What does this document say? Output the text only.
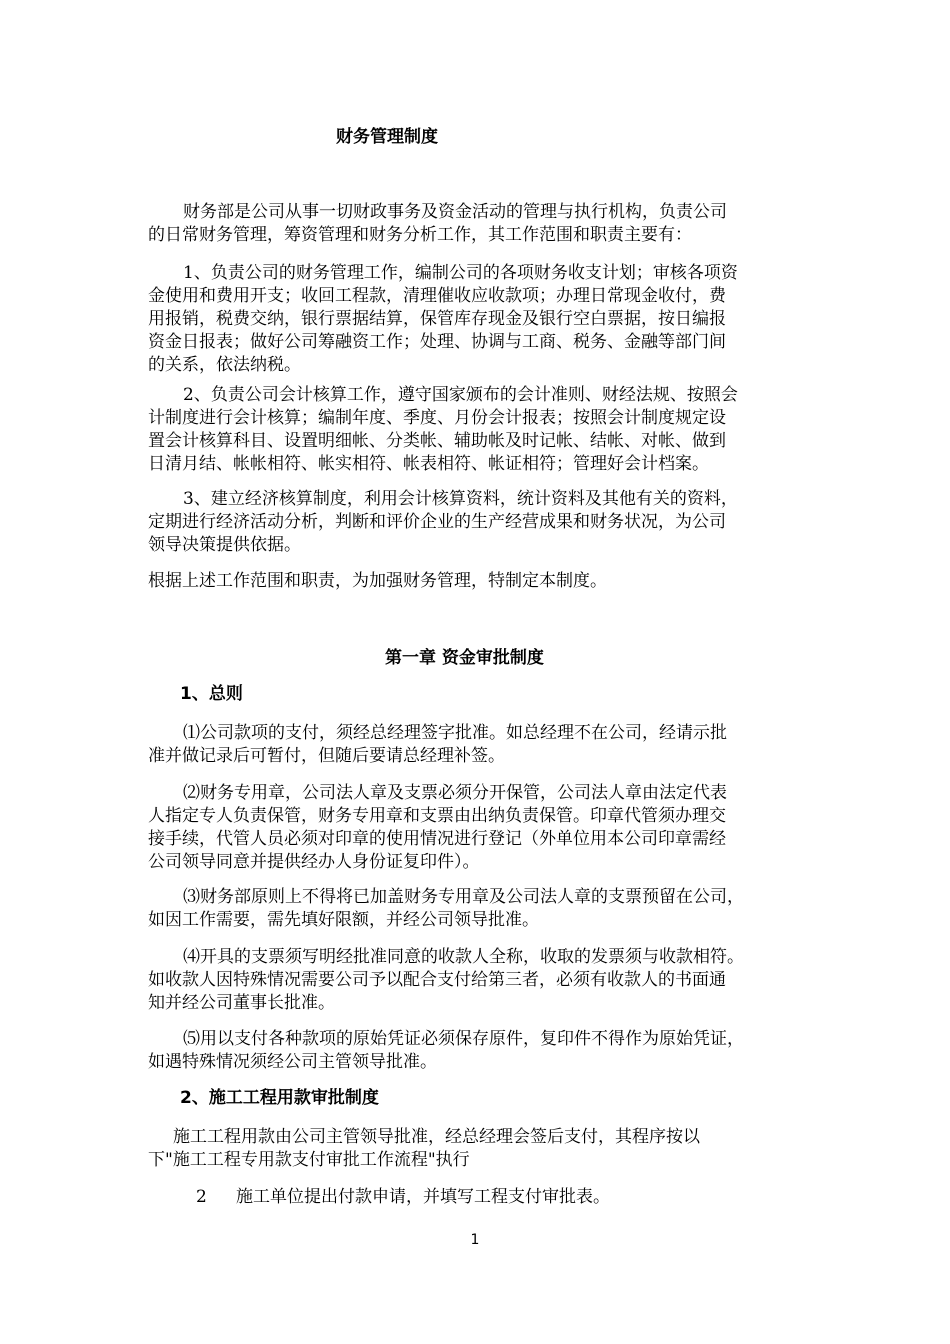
财务管理制度
财务部是公司从事一切财政事务及资金活动的管理与执行机构，负责公司
的日常财务管理，筹资管理和财务分析工作，其工作范围和职责主要有：
1、负责公司的财务管理工作，编制公司的各项财务收支计划；审核各项资
金使用和费用开支；收回工程款，清理催收应收款项；办理日常现金收付，费
用报销，税费交纳，银行票据结算，保管库存现金及银行空白票据，按日编报
资金日报表；做好公司筹融资工作；处理、协调与工商、税务、金融等部门间
的关系，依法纳税。
2、负责公司会计核算工作，遵守国家颁布的会计准则、财经法规、按照会
计制度进行会计核算；编制年度、季度、月份会计报表；按照会计制度规定设
置会计核算科目、设置明细帐、分类帐、辅助帐及时记帐、结帐、对帐、做到
日清月结、帐帐相符、帐实相符、帐表相符、帐证相符；管理好会计档案。
3、建立经济核算制度，利用会计核算资料，统计资料及其他有关的资料，
定期进行经济活动分析，判断和评价企业的生产经营成果和财务状况，为公司
领导决策提供依据。
根据上述工作范围和职责，为加强财务管理，特制定本制度。
第一章 资金审批制度
1、总则
⑴公司款项的支付，须经总经理签字批准。如总经理不在公司，经请示批
准并做记录后可暂付，但随后要请总经理补签。
⑵财务专用章，公司法人章及支票必须分开保管，公司法人章由法定代表
人指定专人负责保管，财务专用章和支票由出纳负责保管。印章代管须办理交
接手续，代管人员必须对印章的使用情况进行登记（外单位用本公司印章需经
公司领导同意并提供经办人身份证复印件）。
⑶财务部原则上不得将已加盖财务专用章及公司法人章的支票预留在公司，
如因工作需要，需先填好限额，并经公司领导批准。
⑷开具的支票须写明经批准同意的收款人全称，收取的发票须与收款相符。
如收款人因特殊情况需要公司予以配合支付给第三者，必须有收款人的书面通
知并经公司董事长批准。
⑸用以支付各种款项的原始凭证必须保存原件，复印件不得作为原始凭证，
如遇特殊情况须经公司主管领导批准。
2、施工工程用款审批制度
施工工程用款由公司主管领导批准，经总经理会签后支付，其程序按以
下"施工工程专用款支付审批工作流程"执行
2 施工单位提出付款申请，并填写工程支付审批表。
1
